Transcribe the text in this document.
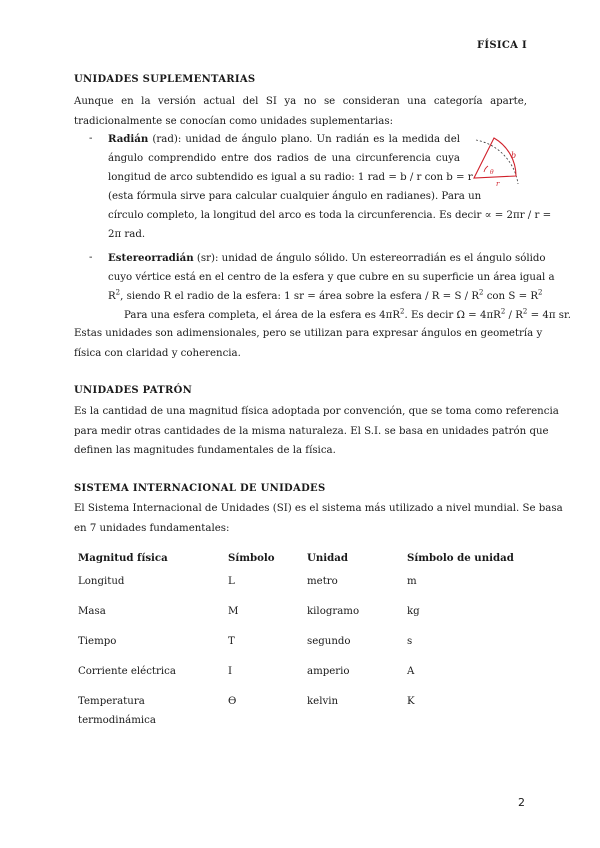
FÍSICA I
UNIDADES SUPLEMENTARIAS
Aunque en la versión actual del SI ya no se consideran una categoría aparte,
tradicionalmente se conocían como unidades suplementarias:
- Radián (rad): unidad de ángulo plano. Un radián es la medida del
ángulo comprendido entre dos radios de una circunferencia cuya
longitud de arco subtendido es igual a su radio: 1 rad = b / r con b = r
(esta fórmula sirve para calcular cualquier ángulo en radianes). Para un
círculo completo, la longitud del arco es toda la circunferencia. Es decir ∝ = 2πr / r =
2π rad.
b
r
θ
- Estereorradián (sr): unidad de ángulo sólido. Un estereorradián es el ángulo sólido
cuyo vértice está en el centro de la esfera y que cubre en su superficie un área igual a
$R^2$, siendo R el radio de la esfera: 1 sr = área sobre la esfera / $R = S / R^2$ con $S = R^2$
Para una esfera completa, el área de la esfera es $4\pi R^2$. Es decir $\Omega = 4\pi R^2 / R^2 = 4\pi$ sr.
Estas unidades son adimensionales, pero se utilizan para expresar ángulos en geometría y
física con claridad y coherencia.
UNIDADES PATRÓN
Es la cantidad de una magnitud física adoptada por convención, que se toma como referencia
para medir otras cantidades de la misma naturaleza. El S.I. se basa en unidades patrón que
definen las magnitudes fundamentales de la física.
SISTEMA INTERNACIONAL DE UNIDADES
El Sistema Internacional de Unidades (SI) es el sistema más utilizado a nivel mundial. Se basa
en 7 unidades fundamentales:
Magnitud física	Símbolo	Unidad	Símbolo de unidad
Longitud	L	metro	m
Masa	M	kilogramo	kg
Tiempo	T	segundo	s
Corriente eléctrica	I	amperio	A

Temperatura
termodinámica	ϴ	kelvin	K
2
